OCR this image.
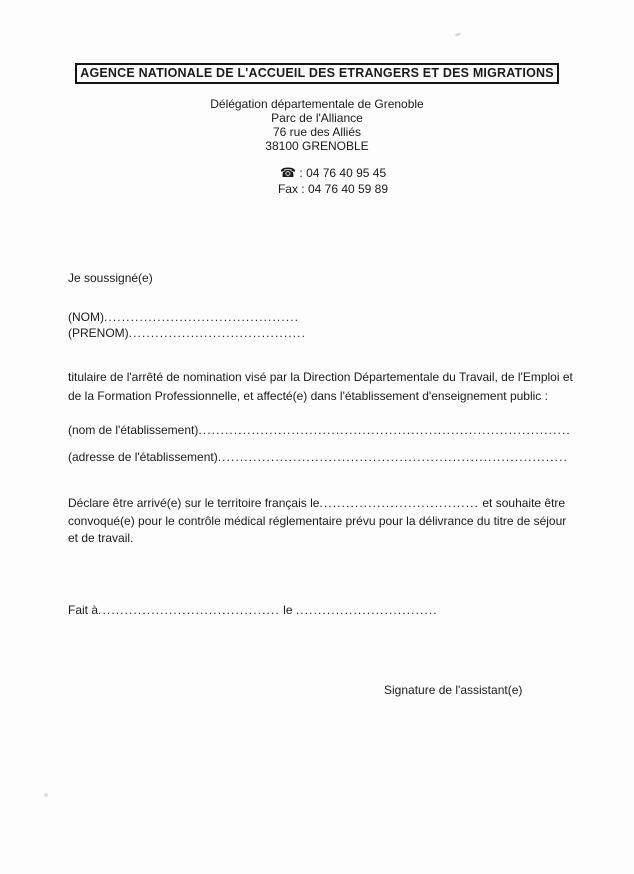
AGENCE NATIONALE DE L'ACCUEIL DES ETRANGERS ET DES MIGRATIONS
Délégation départementale de Grenoble
Parc de l'Alliance
76 rue des Alliés
38100 GRENOBLE
☎ : 04 76 40 95 45
Fax : 04 76 40 59 89
Je soussigné(e)
(NOM)............................................
(PRENOM)........................................
titulaire de l'arrêté de nomination visé par la Direction Départementale du Travail, de l'Emploi et
de la Formation Professionnelle, et affecté(e) dans l'établissement d'enseignement public :
(nom de l'établissement)....................................................................................
(adresse de l'établissement)...............................................................................
Déclare être arrivé(e) sur le territoire français le.................................... et souhaite être
convoqué(e) pour le contrôle médical réglementaire prévu pour la délivrance du titre de séjour
et de travail.
Fait à......................................... le ................................
Signature de l'assistant(e)
